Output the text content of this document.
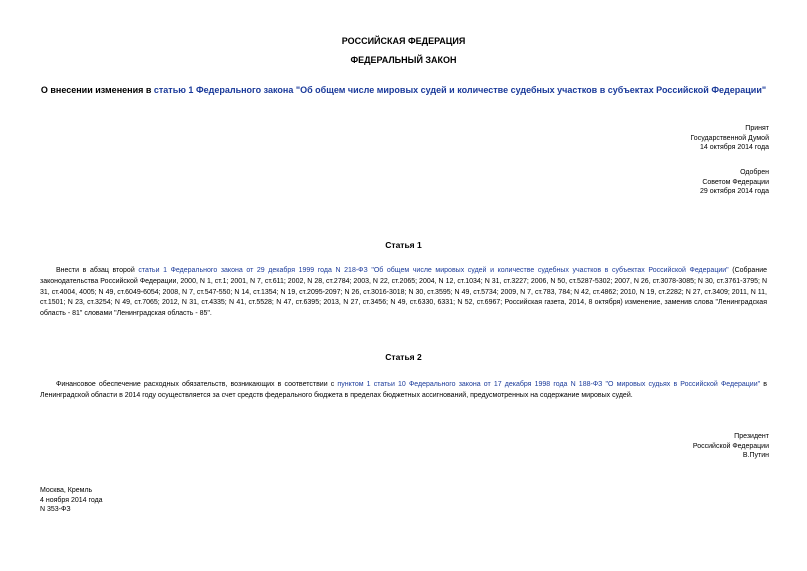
РОССИЙСКАЯ ФЕДЕРАЦИЯ
ФЕДЕРАЛЬНЫЙ ЗАКОН
О внесении изменения в статью 1 Федерального закона "Об общем числе мировых судей и количестве судебных участков в субъектах Российской Федерации"
Принят
Государственной Думой
14 октября 2014 года
Одобрен
Советом Федерации
29 октября 2014 года
Статья 1
Внести в абзац второй статьи 1 Федерального закона от 29 декабря 1999 года N 218-ФЗ "Об общем числе мировых судей и количестве судебных участков в субъектах Российской Федерации" (Собрание законодательства Российской Федерации, 2000, N 1, ст.1; 2001, N 7, ст.611; 2002, N 28, ст.2784; 2003, N 22, ст.2065; 2004, N 12, ст.1034; N 31, ст.3227; 2006, N 50, ст.5287-5302; 2007, N 26, ст.3078-3085; N 30, ст.3761-3795; N 31, ст.4004, 4005; N 49, ст.6049-6054; 2008, N 7, ст.547-550; N 14, ст.1354; N 19, ст.2095-2097; N 26, ст.3016-3018; N 30, ст.3595; N 49, ст.5734; 2009, N 7, ст.783, 784; N 42, ст.4862; 2010, N 19, ст.2282; N 27, ст.3409; 2011, N 11, ст.1501; N 23, ст.3254; N 49, ст.7065; 2012, N 31, ст.4335; N 41, ст.5528; N 47, ст.6395; 2013, N 27, ст.3456; N 49, ст.6330, 6331; N 52, ст.6967; Российская газета, 2014, 8 октября) изменение, заменив слова "Ленинградская область - 81" словами "Ленинградская область - 85".
Статья 2
Финансовое обеспечение расходных обязательств, возникающих в соответствии с пунктом 1 статьи 10 Федерального закона от 17 декабря 1998 года N 188-ФЗ "О мировых судьях в Российской Федерации" в Ленинградской области в 2014 году осуществляется за счет средств федерального бюджета в пределах бюджетных ассигнований, предусмотренных на содержание мировых судей.
Президент
Российской Федерации
В.Путин
Москва, Кремль
4 ноября 2014 года
N 353-ФЗ
